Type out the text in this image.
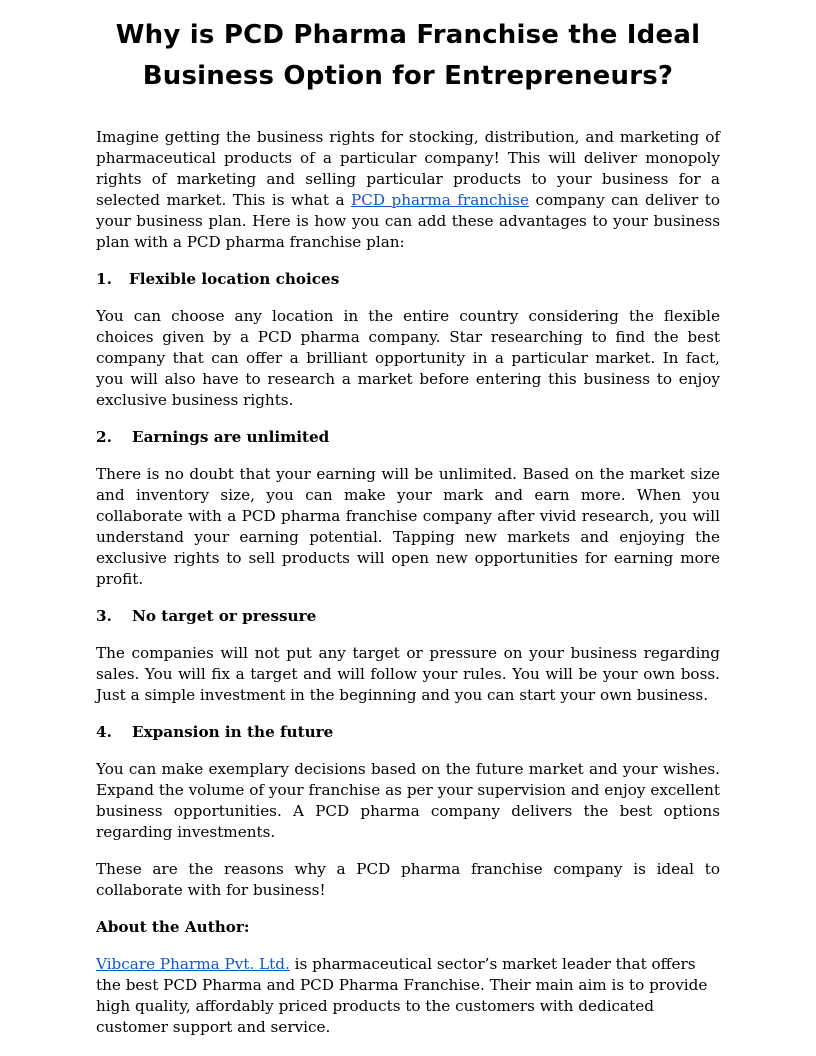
Why is PCD Pharma Franchise the Ideal
Business Option for Entrepreneurs?

Imagine getting the business rights for stocking, distribution, and marketing of pharmaceutical products of a particular company! This will deliver monopoly rights of marketing and selling particular products to your business for a selected market. This is what a PCD pharma franchise company can deliver to your business plan. Here is how you can add these advantages to your business plan with a PCD pharma franchise plan:

1.	Flexible location choices

You can choose any location in the entire country considering the flexible choices given by a PCD pharma company. Star researching to find the best company that can offer a brilliant opportunity in a particular market. In fact, you will also have to research a market before entering this business to enjoy exclusive business rights.

2.	Earnings are unlimited

There is no doubt that your earning will be unlimited. Based on the market size and inventory size, you can make your mark and earn more. When you collaborate with a PCD pharma franchise company after vivid research, you will understand your earning potential. Tapping new markets and enjoying the exclusive rights to sell products will open new opportunities for earning more profit.

3.	No target or pressure

The companies will not put any target or pressure on your business regarding sales. You will fix a target and will follow your rules. You will be your own boss. Just a simple investment in the beginning and you can start your own business.

4.	Expansion in the future

You can make exemplary decisions based on the future market and your wishes. Expand the volume of your franchise as per your supervision and enjoy excellent business opportunities. A PCD pharma company delivers the best options regarding investments.

These are the reasons why a PCD pharma franchise company is ideal to collaborate with for business!

About the Author:

Vibcare Pharma Pvt. Ltd. is pharmaceutical sector’s market leader that offers the best PCD Pharma and PCD Pharma Franchise. Their main aim is to provide high quality, affordably priced products to the customers with dedicated customer support and service.
